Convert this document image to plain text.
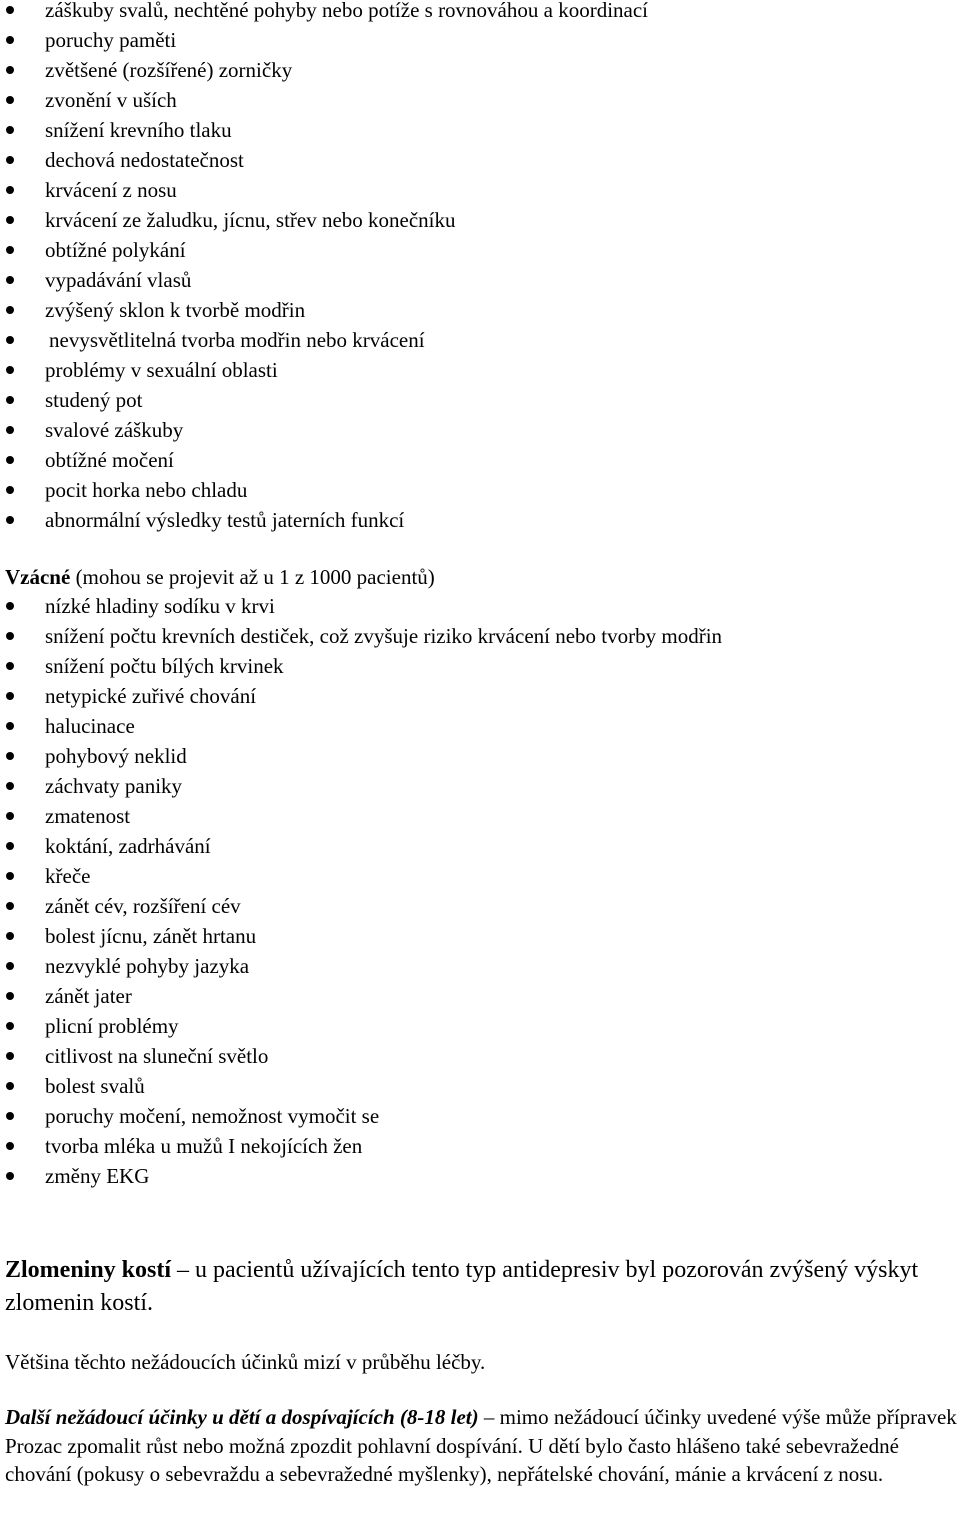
záškuby svalů, nechtěné pohyby nebo potíže s rovnováhou a koordinací
poruchy paměti
zvětšené (rozšířené) zorničky
zvonění v uších
snížení krevního tlaku
dechová nedostatečnost
krvácení z nosu
krvácení ze žaludku, jícnu, střev nebo konečníku
obtížné polykání
vypadávání vlasů
zvýšený sklon k tvorbě modřin
nevysvětlitelná tvorba modřin nebo krvácení
problémy v sexuální oblasti
studený pot
svalové záškuby
obtížné močení
pocit horka nebo chladu
abnormální výsledky testů jaterních funkcí
Vzácné (mohou se projevit až u 1 z 1000 pacientů)
nízké hladiny sodíku v krvi
snížení počtu krevních destiček, což zvyšuje riziko krvácení nebo tvorby modřin
snížení počtu bílých krvinek
netypické zuřivé chování
halucinace
pohybový neklid
záchvaty paniky
zmatenost
koktání, zadrhávání
křeče
zánět cév, rozšíření cév
bolest jícnu, zánět hrtanu
nezvyklé pohyby jazyka
zánět jater
plicní problémy
citlivost na sluneční světlo
bolest svalů
poruchy močení, nemožnost vymočit se
tvorba mléka u mužů I nekojících žen
změny EKG

Zlomeniny kostí – u pacientů užívajících tento typ antidepresiv byl pozorován zvýšený výskyt zlomenin kostí.

Většina těchto nežádoucích účinků mizí v průběhu léčby.

Další nežádoucí účinky u dětí a dospívajících (8-18 let) – mimo nežádoucí účinky uvedené výše může přípravek Prozac zpomalit růst nebo možná zpozdit pohlavní dospívání. U dětí bylo často hlášeno také sebevražedné chování (pokusy o sebevraždu a sebevražedné myšlenky), nepřátelské chování, mánie a krvácení z nosu.
